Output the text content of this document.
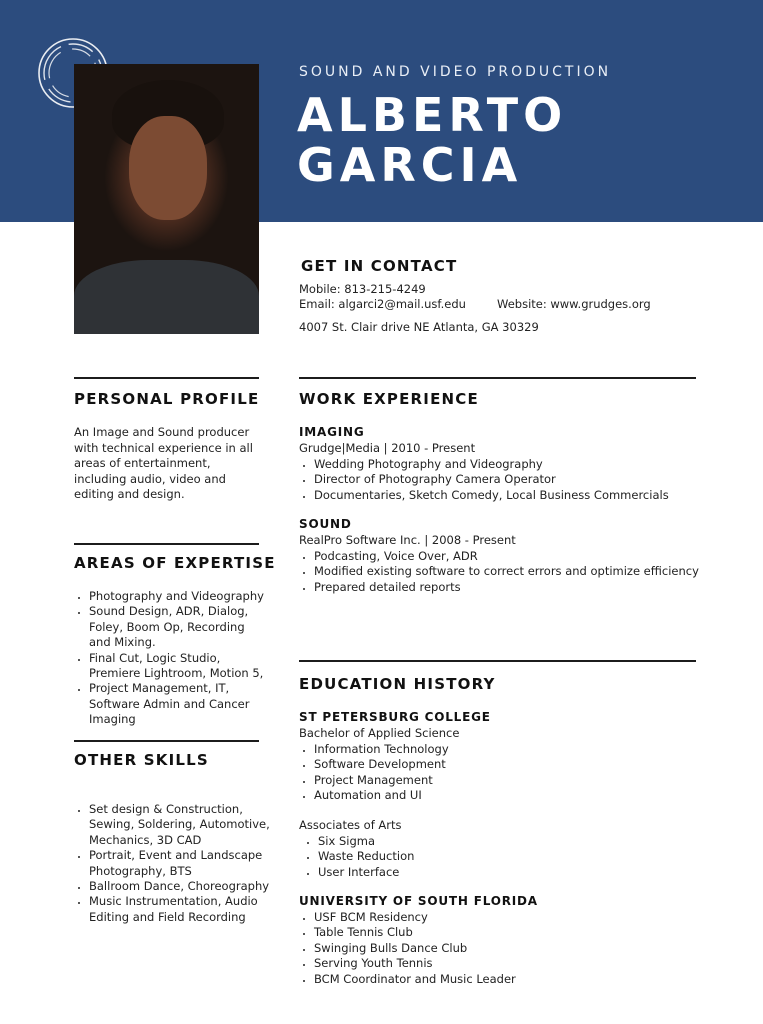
SOUND AND VIDEO PRODUCTION
ALBERTO
GARCIA
GET IN CONTACT
Mobile: 813-215-4249
Email: algarci2@mail.usf.edu	Website: www.grudges.org
4007 St. Clair drive NE Atlanta, GA 30329
PERSONAL PROFILE
An Image and Sound producer with technical experience in all areas of entertainment, including audio, video and editing and design.
AREAS OF EXPERTISE
• Photography and Videography
• Sound Design, ADR, Dialog, Foley, Boom Op, Recording and Mixing.
• Final Cut, Logic Studio, Premiere Lightroom, Motion 5,
• Project Management, IT, Software Admin and Cancer Imaging
OTHER SKILLS
• Set design & Construction, Sewing, Soldering, Automotive, Mechanics, 3D CAD
• Portrait, Event and Landscape Photography, BTS
• Ballroom Dance, Choreography
• Music Instrumentation, Audio Editing and Field Recording
WORK EXPERIENCE
IMAGING
Grudge|Media | 2010 - Present
• Wedding Photography and Videography
• Director of Photography Camera Operator
• Documentaries, Sketch Comedy, Local Business Commercials
SOUND
RealPro Software Inc. | 2008 - Present
• Podcasting, Voice Over, ADR
• Modified existing software to correct errors and optimize efficiency
• Prepared detailed reports
EDUCATION HISTORY
ST PETERSBURG COLLEGE
Bachelor of Applied Science
• Information Technology
• Software Development
• Project Management
• Automation and UI
Associates of Arts
• Six Sigma
• Waste Reduction
• User Interface
UNIVERSITY OF SOUTH FLORIDA
• USF BCM Residency
• Table Tennis Club
• Swinging Bulls Dance Club
• Serving Youth Tennis
• BCM Coordinator and Music Leader
